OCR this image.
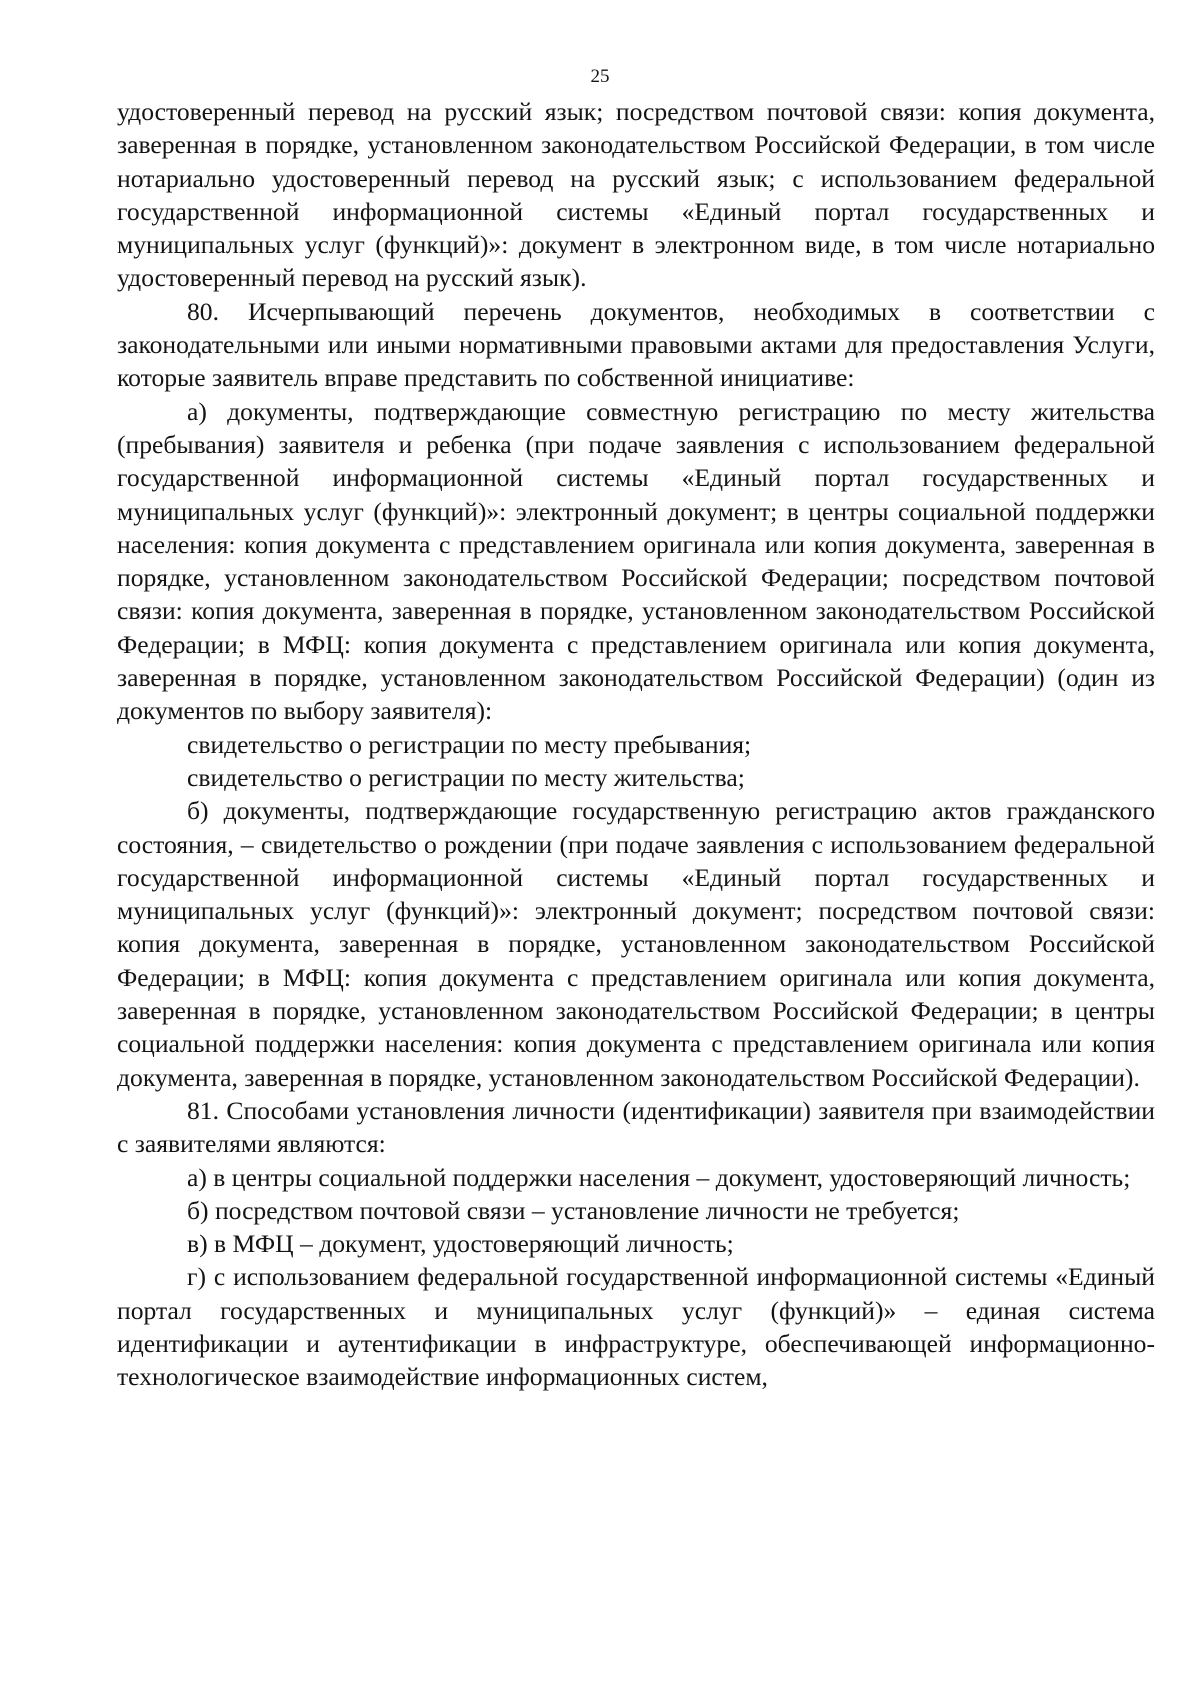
25

удостоверенный перевод на русский язык; посредством почтовой связи: копия документа, заверенная в порядке, установленном законодательством Российской Федерации, в том числе нотариально удостоверенный перевод на русский язык; с использованием федеральной государственной информационной системы «Единый портал государственных и муниципальных услуг (функций)»: документ в электронном виде, в том числе нотариально удостоверенный перевод на русский язык).

80. Исчерпывающий перечень документов, необходимых в соответствии с законодательными или иными нормативными правовыми актами для предоставления Услуги, которые заявитель вправе представить по собственной инициативе:

а) документы, подтверждающие совместную регистрацию по месту жительства (пребывания) заявителя и ребенка (при подаче заявления с использованием федеральной государственной информационной системы «Единый портал государственных и муниципальных услуг (функций)»: электронный документ; в центры социальной поддержки населения: копия документа с представлением оригинала или копия документа, заверенная в порядке, установленном законодательством Российской Федерации; посредством почтовой связи: копия документа, заверенная в порядке, установленном законодательством Российской Федерации; в МФЦ: копия документа с представлением оригинала или копия документа, заверенная в порядке, установленном законодательством Российской Федерации) (один из документов по выбору заявителя):

свидетельство о регистрации по месту пребывания;

свидетельство о регистрации по месту жительства;

б) документы, подтверждающие государственную регистрацию актов гражданского состояния, – свидетельство о рождении (при подаче заявления с использованием федеральной государственной информационной системы «Единый портал государственных и муниципальных услуг (функций)»: электронный документ; посредством почтовой связи: копия документа, заверенная в порядке, установленном законодательством Российской Федерации; в МФЦ: копия документа с представлением оригинала или копия документа, заверенная в порядке, установленном законодательством Российской Федерации; в центры социальной поддержки населения: копия документа с представлением оригинала или копия документа, заверенная в порядке, установленном законодательством Российской Федерации).

81. Способами установления личности (идентификации) заявителя при взаимодействии с заявителями являются:

а) в центры социальной поддержки населения – документ, удостоверяющий личность;

б) посредством почтовой связи – установление личности не требуется;

в) в МФЦ – документ, удостоверяющий личность;

г) с использованием федеральной государственной информационной системы «Единый портал государственных и муниципальных услуг (функций)» – единая система идентификации и аутентификации в инфраструктуре, обеспечивающей информационно-технологическое взаимодействие информационных систем,
